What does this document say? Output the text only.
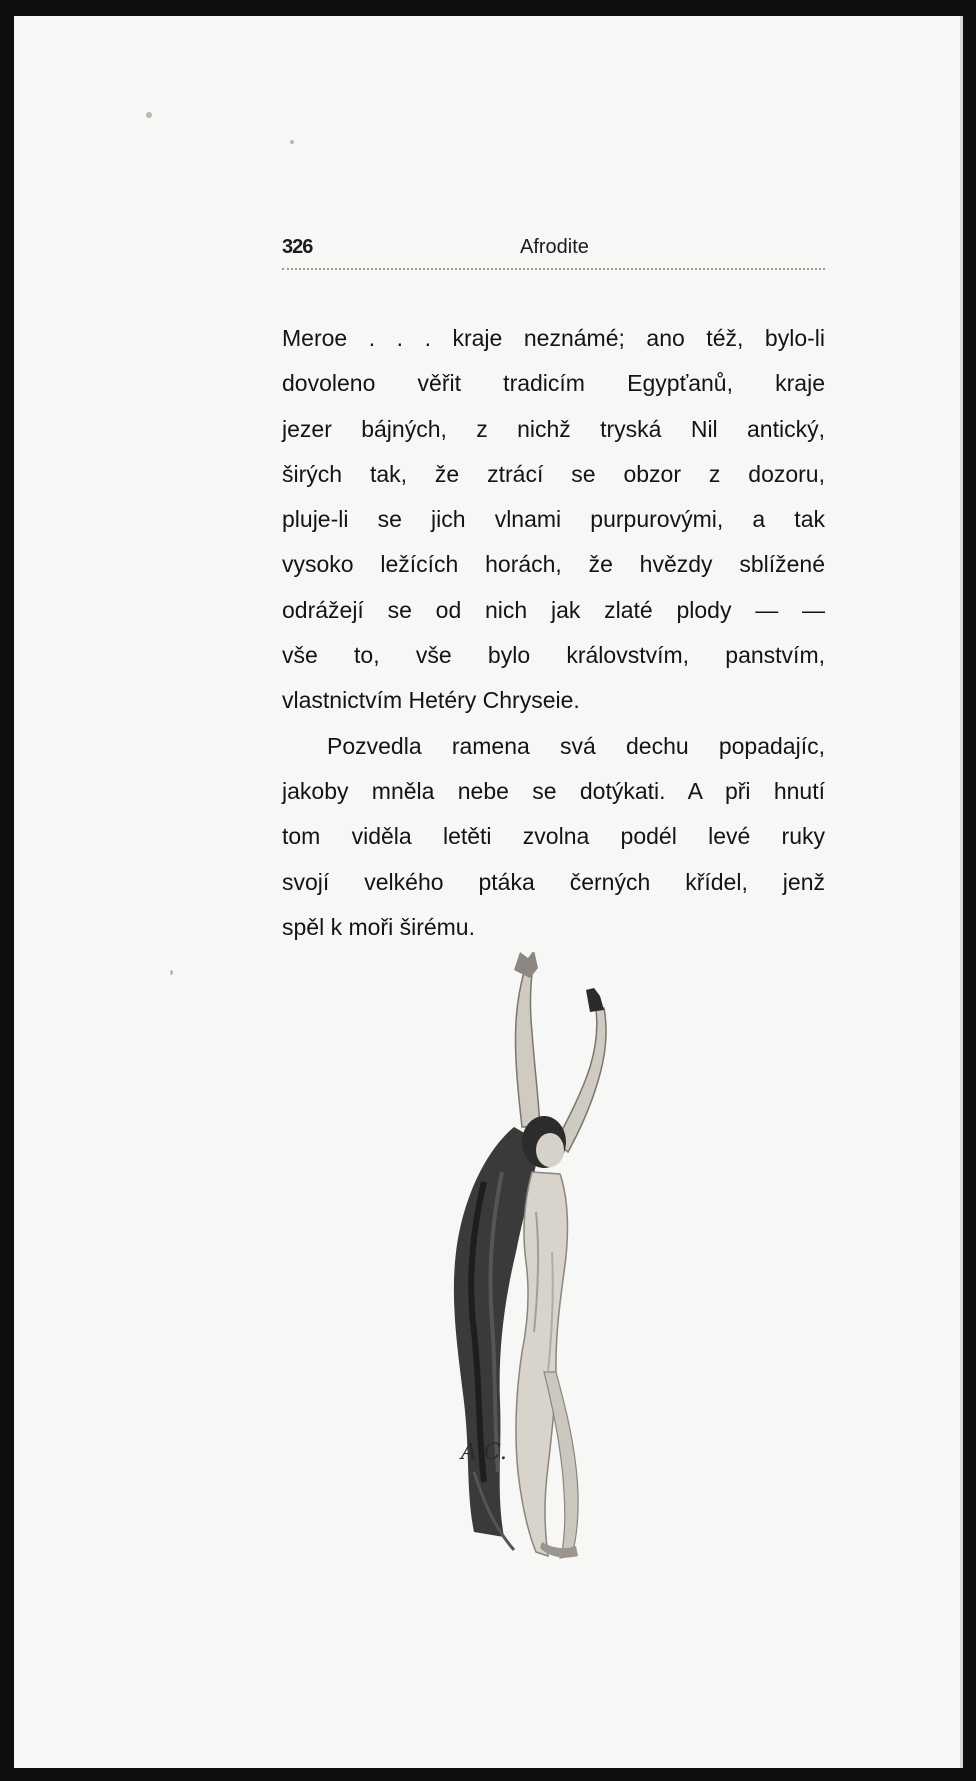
326	Afrodite
Meroe . . . kraje neznámé; ano též, bylo-li
dovoleno věřit tradicím Egypťanů, kraje
jezer bájných, z nichž tryská Nil antický,
širých tak, že ztrácí se obzor z dozoru,
pluje-li se jich vlnami purpurovými, a tak
vysoko ležících horách, že hvězdy sblížené
odrážejí se od nich jak zlaté plody — —
vše to, vše bylo královstvím, panstvím,
vlastnictvím Hetéry Chryseie.
Pozvedla ramena svá dechu popadajíc,
jakoby mněla nebe se dotýkati. A při hnutí
tom viděla letěti zvolna podél levé ruky
svojí velkého ptáka černých křídel, jenž
spěl k moři širému.
A C.
